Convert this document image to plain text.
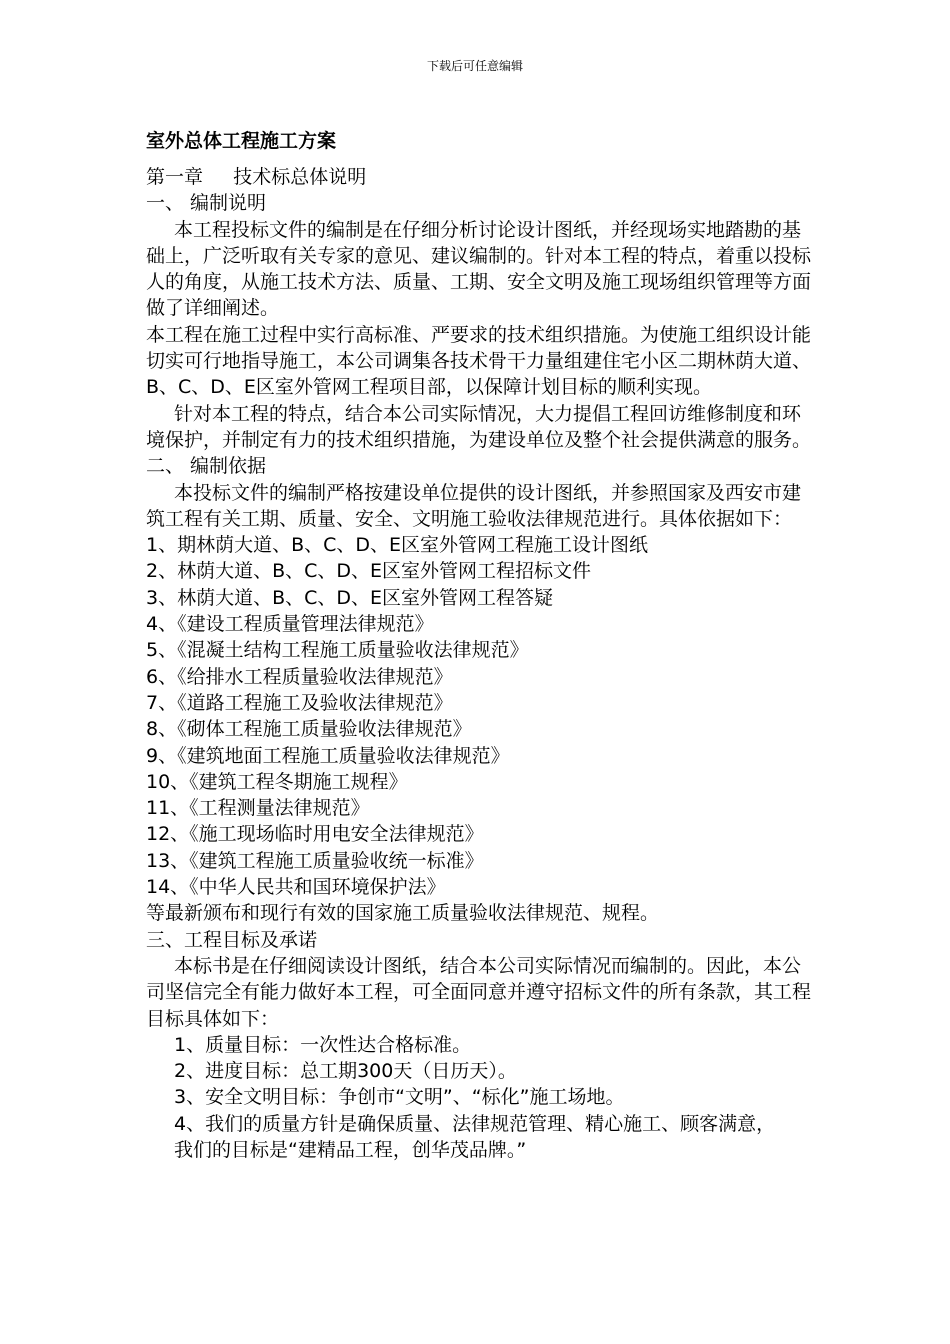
下载后可任意编辑
室外总体工程施工方案

第一章     技术标总体说明

一、 编制说明

本工程投标文件的编制是在仔细分析讨论设计图纸，并经现场实地踏勘的基础上，广泛听取有关专家的意见、建议编制的。针对本工程的特点，着重以投标人的角度，从施工技术方法、质量、工期、安全文明及施工现场组织管理等方面做了详细阐述。

本工程在施工过程中实行高标准、严要求的技术组织措施。为使施工组织设计能切实可行地指导施工，本公司调集各技术骨干力量组建住宅小区二期林荫大道、B、C、D、E区室外管网工程项目部，以保障计划目标的顺利实现。

针对本工程的特点，结合本公司实际情况，大力提倡工程回访维修制度和环境保护，并制定有力的技术组织措施，为建设单位及整个社会提供满意的服务。

二、 编制依据

本投标文件的编制严格按建设单位提供的设计图纸，并参照国家及西安市建筑工程有关工期、质量、安全、文明施工验收法律规范进行。具体依据如下：

1、期林荫大道、B、C、D、E区室外管网工程施工设计图纸

2、林荫大道、B、C、D、E区室外管网工程招标文件

3、林荫大道、B、C、D、E区室外管网工程答疑

4、《建设工程质量管理法律规范》

5、《混凝土结构工程施工质量验收法律规范》

6、《给排水工程质量验收法律规范》

7、《道路工程施工及验收法律规范》

8、《砌体工程施工质量验收法律规范》

9、《建筑地面工程施工质量验收法律规范》

10、《建筑工程冬期施工规程》

11、《工程测量法律规范》

12、《施工现场临时用电安全法律规范》

13、《建筑工程施工质量验收统一标准》

14、《中华人民共和国环境保护法》

等最新颁布和现行有效的国家施工质量验收法律规范、规程。

三、工程目标及承诺

本标书是在仔细阅读设计图纸，结合本公司实际情况而编制的。因此，本公司坚信完全有能力做好本工程，可全面同意并遵守招标文件的所有条款，其工程目标具体如下：

1、质量目标：一次性达合格标准。

2、进度目标：总工期300天（日历天）。

3、安全文明目标：争创市“文明”、“标化”施工场地。

4、我们的质量方针是确保质量、法律规范管理、精心施工、顾客满意，

我们的目标是“建精品工程，创华茂品牌。”
